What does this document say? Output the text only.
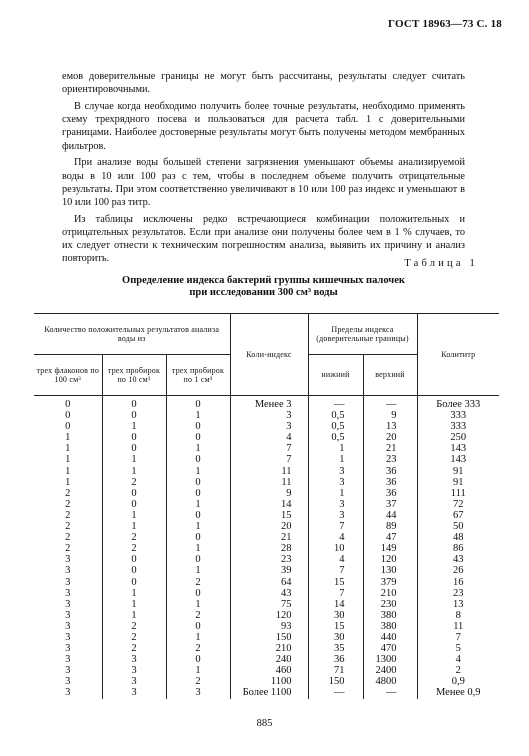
ГОСТ 18963—73 С. 18

емов доверительные границы не могут быть рассчитаны, результаты следует считать ориентировочными.

В случае когда необходимо получить более точные результаты, необходимо применять схему трехрядного посева и пользоваться для расчета табл. 1 с доверительными границами. Наиболее достоверные результаты могут быть получены методом мембранных фильтров.

При анализе воды большей степени загрязнения уменьшают объемы анализируемой воды в 10 или 100 раз с тем, чтобы в последнем объеме получить отрицательные результаты. При этом соответственно увеличивают в 10 или 100 раз индекс и уменьшают в 10 или 100 раз титр.

Из таблицы исключены редко встречающиеся комбинации положительных и отрицательных результатов. Если при анализе они получены более чем в 1 % случаев, то их следует отнести к техническим погрешностям анализа, выявить их причину и анализ повторить.	Таблица 1
Определение индекса бактерий группы кишечных палочек
при исследовании 300 см³ воды
Количество положительных результатов анализа воды из			Коли-индекс	Пределы индекса (доверительные границы)		Колититр
трех флаконов по 100 см³	трех пробирок по 10 см³	трех пробирок по 1 см³		нижний	верхний	
0	0	0	Менее 3	—	—	Более 333
0	0	1	3	0,5	9	333
0	1	0	3	0,5	13	333
1	0	0	4	0,5	20	250
1	0	1	7	1	21	143
1	1	0	7	1	23	143
1	1	1	11	3	36	91
1	2	0	11	3	36	91
2	0	0	9	1	36	111
2	0	1	14	3	37	72
2	1	0	15	3	44	67
2	1	1	20	7	89	50
2	2	0	21	4	47	48
2	2	1	28	10	149	86
3	0	0	23	4	120	43
3	0	1	39	7	130	26
3	0	2	64	15	379	16
3	1	0	43	7	210	23
3	1	1	75	14	230	13
3	1	2	120	30	380	8
3	2	0	93	15	380	11
3	2	1	150	30	440	7
3	2	2	210	35	470	5
3	3	0	240	36	1300	4
3	3	1	460	71	2400	2
3	3	2	1100	150	4800	0,9
3	3	3	Более 1100	—	—	Менее 0,9
885
